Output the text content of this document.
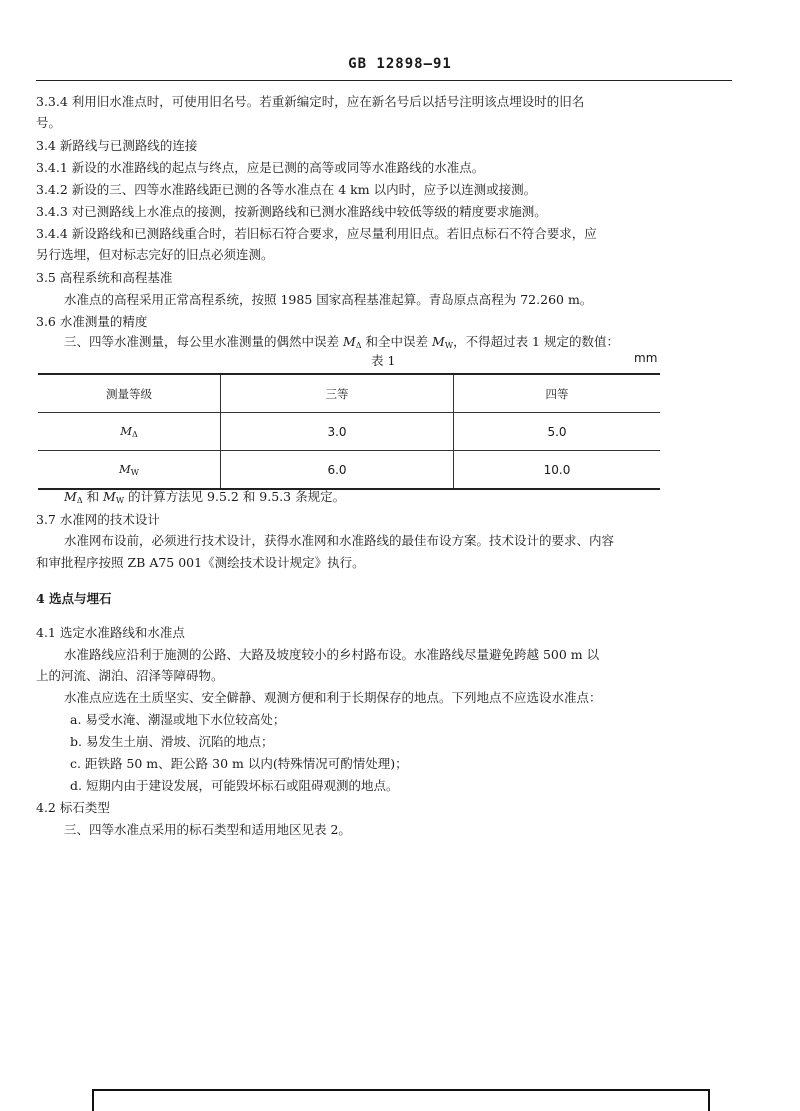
GB 12898—91
3.3.4 利用旧水准点时，可使用旧名号。若重新编定时，应在新名号后以括号注明该点埋设时的旧名
号。
3.4 新路线与已测路线的连接
3.4.1 新设的水准路线的起点与终点，应是已测的高等或同等水准路线的水准点。
3.4.2 新设的三、四等水准路线距已测的各等水准点在 4 km 以内时，应予以连测或接测。
3.4.3 对已测路线上水准点的接测，按新测路线和已测水准路线中较低等级的精度要求施测。
3.4.4 新设路线和已测路线重合时，若旧标石符合要求，应尽量利用旧点。若旧点标石不符合要求，应
另行选埋，但对标志完好的旧点必须连测。
3.5 高程系统和高程基准
水准点的高程采用正常高程系统，按照 1985 国家高程基准起算。青岛原点高程为 72.260 m。
3.6 水准测量的精度
三、四等水准测量，每公里水准测量的偶然中误差 $M_\Delta$ 和全中误差 $M_W$，不得超过表 1 规定的数值：
表 1	mm
测量等级	三等	四等
$M_\Delta$	3.0	5.0
$M_W$	6.0	10.0
$M_\Delta$ 和 $M_W$ 的计算方法见 9.5.2 和 9.5.3 条规定。
3.7 水准网的技术设计
水准网布设前，必须进行技术设计，获得水准网和水准路线的最佳布设方案。技术设计的要求、内容
和审批程序按照 ZB A75 001《测绘技术设计规定》执行。
4 选点与埋石
4.1 选定水准路线和水准点
水准路线应沿利于施测的公路、大路及坡度较小的乡村路布设。水准路线尽量避免跨越 500 m 以
上的河流、湖泊、沼泽等障碍物。
水准点应选在土质坚实、安全僻静、观测方便和利于长期保存的地点。下列地点不应选设水准点：
a. 易受水淹、潮湿或地下水位较高处；
b. 易发生土崩、滑坡、沉陷的地点；
c. 距铁路 50 m、距公路 30 m 以内(特殊情况可酌情处理)；
d. 短期内由于建设发展，可能毁坏标石或阻碍观测的地点。
4.2 标石类型
三、四等水准点采用的标石类型和适用地区见表 2。
